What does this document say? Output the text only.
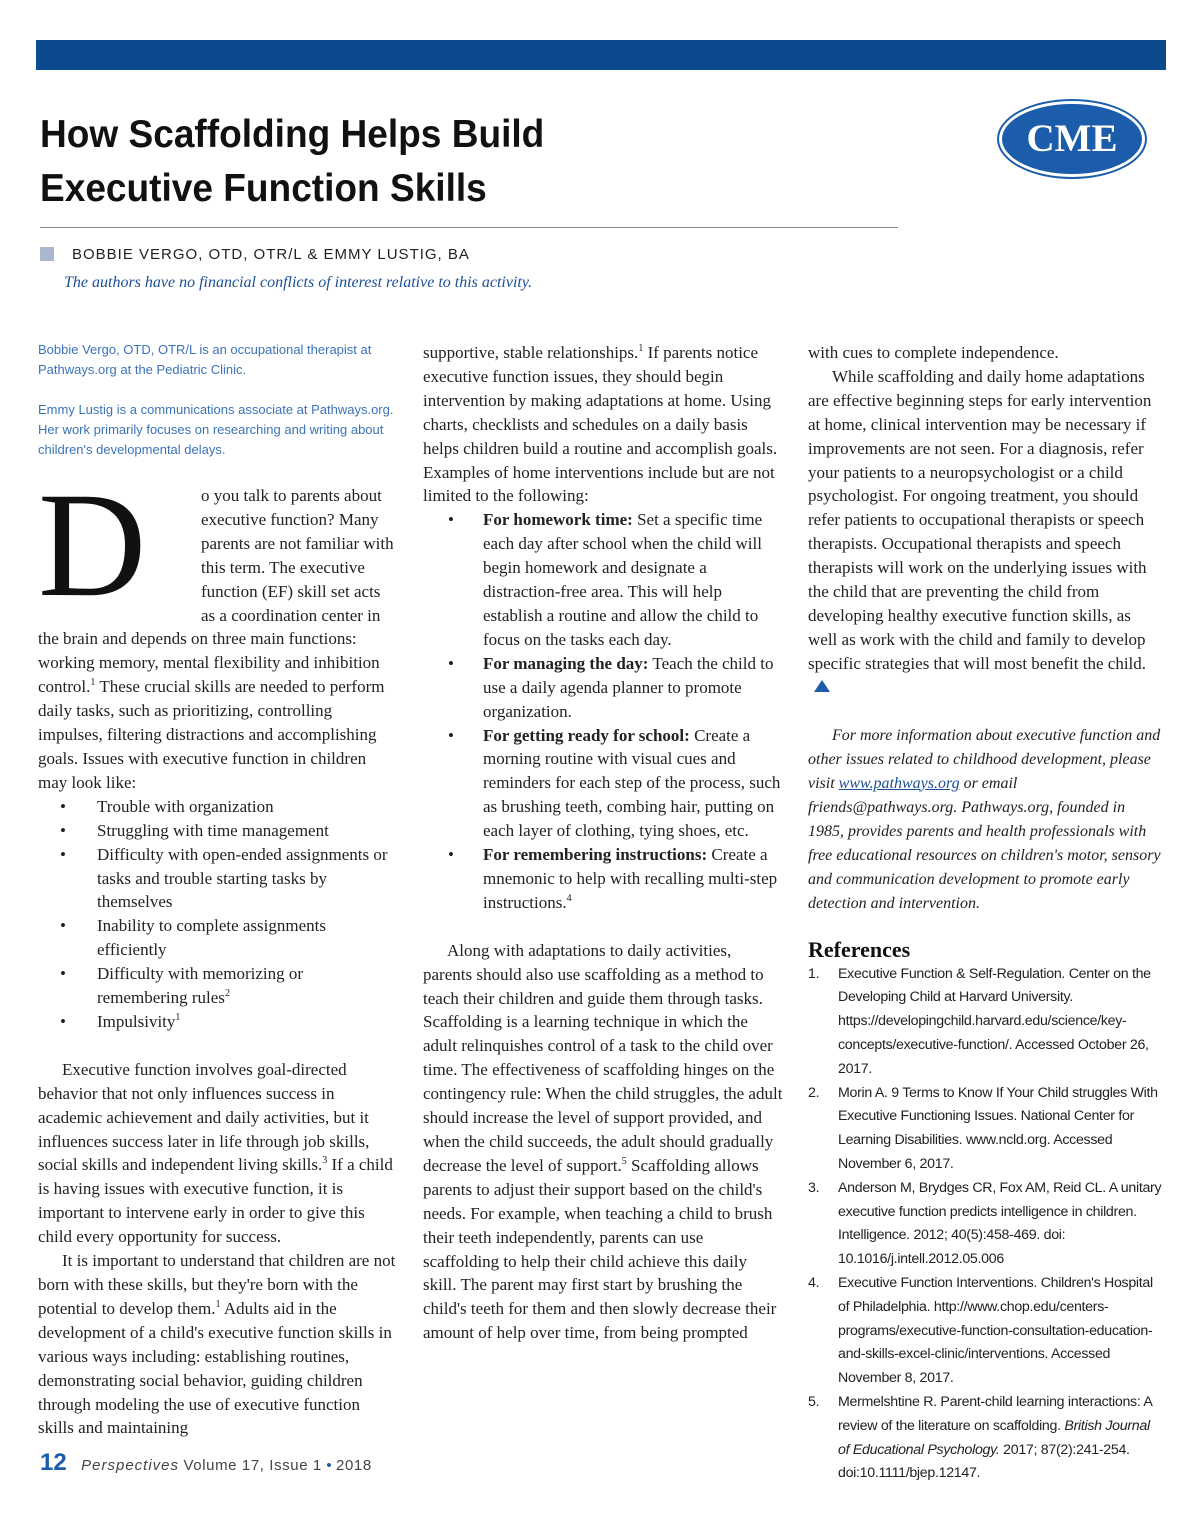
How Scaffolding Helps Build
Executive Function Skills
CME
BOBBIE VERGO, OTD, OTR/L & EMMY LUSTIG, BA
The authors have no financial conflicts of interest relative to this activity.

Bobbie Vergo, OTD, OTR/L is an occupational therapist at Pathways.org at the Pediatric Clinic.

Emmy Lustig is a communications associate at Pathways.org. Her work primarily focuses on researching and writing about children's developmental delays.

D	o you talk to parents about executive function? Many parents are not familiar with this term. The executive function (EF) skill set acts as a coordination center in the brain and depends on three main functions: working memory, mental flexibility and inhibition control.$^1$ These crucial skills are needed to perform daily tasks, such as prioritizing, controlling impulses, filtering distractions and accomplishing goals. Issues with executive function in children may look like:

• Trouble with organization
• Struggling with time management
• Difficulty with open-ended assignments or tasks and trouble starting tasks by themselves
• Inability to complete assignments efficiently
• Difficulty with memorizing or remembering rules$^2$
• Impulsivity$^1$

Executive function involves goal-directed behavior that not only influences success in academic achievement and daily activities, but it influences success later in life through job skills, social skills and independent living skills.$^3$ If a child is having issues with executive function, it is important to intervene early in order to give this child every opportunity for success.

It is important to understand that children are not born with these skills, but they're born with the potential to develop them.$^1$ Adults aid in the development of a child's executive function skills in various ways including: establishing routines, demonstrating social behavior, guiding children through modeling the use of executive function skills and maintaining

supportive, stable relationships.$^1$ If parents notice executive function issues, they should begin intervention by making adaptations at home. Using charts, checklists and schedules on a daily basis helps children build a routine and accomplish goals. Examples of home interventions include but are not limited to the following:

• For homework time: Set a specific time each day after school when the child will begin homework and designate a distraction-free area. This will help establish a routine and allow the child to focus on the tasks each day.
• For managing the day: Teach the child to use a daily agenda planner to promote organization.
• For getting ready for school: Create a morning routine with visual cues and reminders for each step of the process, such as brushing teeth, combing hair, putting on each layer of clothing, tying shoes, etc.
• For remembering instructions: Create a mnemonic to help with recalling multi-step instructions.$^4$

Along with adaptations to daily activities, parents should also use scaffolding as a method to teach their children and guide them through tasks. Scaffolding is a learning technique in which the adult relinquishes control of a task to the child over time. The effectiveness of scaffolding hinges on the contingency rule: When the child struggles, the adult should increase the level of support provided, and when the child succeeds, the adult should gradually decrease the level of support.$^5$ Scaffolding allows parents to adjust their support based on the child's needs. For example, when teaching a child to brush their teeth independently, parents can use scaffolding to help their child achieve this daily skill. The parent may first start by brushing the child's teeth for them and then slowly decrease their amount of help over time, from being prompted

with cues to complete independence.

While scaffolding and daily home adaptations are effective beginning steps for early intervention at home, clinical intervention may be necessary if improvements are not seen. For a diagnosis, refer your patients to a neuropsychologist or a child psychologist. For ongoing treatment, you should refer patients to occupational therapists or speech therapists. Occupational therapists and speech therapists will work on the underlying issues with the child that are preventing the child from developing healthy executive function skills, as well as work with the child and family to develop specific strategies that will most benefit the child.

For more information about executive function and other issues related to childhood development, please visit www.pathways.org or email friends@pathways.org. Pathways.org, founded in 1985, provides parents and health professionals with free educational resources on children's motor, sensory and communication development to promote early detection and intervention.

References
1. Executive Function & Self-Regulation. Center on the Developing Child at Harvard University. https://developingchild.harvard.edu/science/key-concepts/executive-function/. Accessed October 26, 2017.
2. Morin A. 9 Terms to Know If Your Child struggles With Executive Functioning Issues. National Center for Learning Disabilities. www.ncld.org. Accessed November 6, 2017.
3. Anderson M, Brydges CR, Fox AM, Reid CL. A unitary executive function predicts intelligence in children. Intelligence. 2012; 40(5):458-469. doi: 10.1016/j.intell.2012.05.006
4. Executive Function Interventions. Children's Hospital of Philadelphia. http://www.chop.edu/centers-programs/executive-function-consultation-education-and-skills-excel-clinic/interventions. Accessed November 8, 2017.
5. Mermelshtine R. Parent-child learning interactions: A review of the literature on scaffolding. British Journal of Educational Psychology. 2017; 87(2):241-254. doi:10.1111/bjep.12147.
12 Perspectives Volume 17, Issue 1 • 2018
